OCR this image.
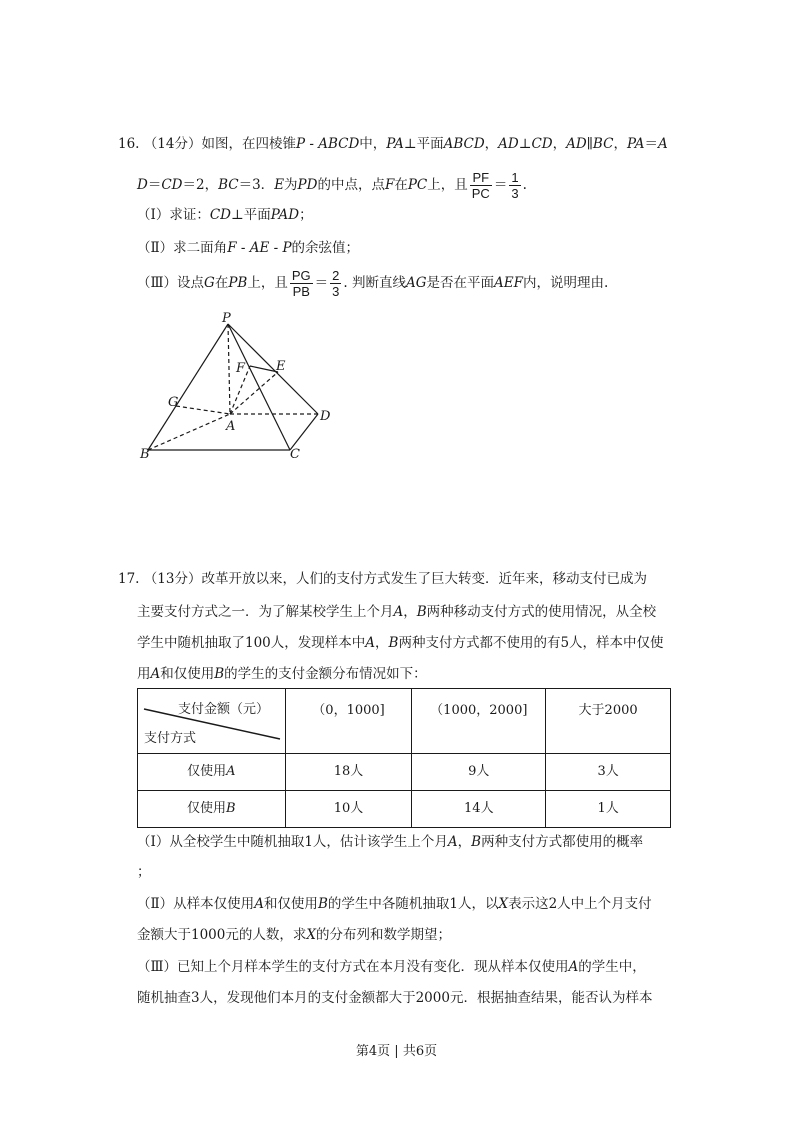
16. （14分）如图，在四棱锥P - ABCD中，PA⊥平面ABCD，AD⊥CD，AD∥BC，PA＝A
D＝CD＝2，BC＝3．E为PD的中点，点F在PC上，且 $\frac{PF}{PC} = \frac{1}{3}$ .
（Ⅰ）求证：CD⊥平面PAD；
（Ⅱ）求二面角F - AE - P的余弦值；
（Ⅲ）设点G在PB上，且 $\frac{PG}{PB} = \frac{2}{3}$ . 判断直线AG是否在平面AEF内，说明理由.
P
F E
G
A
D
B	C
17. （13分）改革开放以来，人们的支付方式发生了巨大转变．近年来，移动支付已成为
主要支付方式之一．为了解某校学生上个月A，B两种移动支付方式的使用情况，从全校
学生中随机抽取了100人，发现样本中A，B两种支付方式都不使用的有5人，样本中仅使
用A和仅使用B的学生的支付金额分布情况如下：
支付金额（元）
支付方式	（0，1000]	（1000，2000]	大于2000
仅使用A	18人	9人	3人
仅使用B	10人	14人	1人
（Ⅰ）从全校学生中随机抽取1人，估计该学生上个月A，B两种支付方式都使用的概率
；
（Ⅱ）从样本仅使用A和仅使用B的学生中各随机抽取1人，以X表示这2人中上个月支付
金额大于1000元的人数，求X的分布列和数学期望；
（Ⅲ）已知上个月样本学生的支付方式在本月没有变化．现从样本仅使用A的学生中，
随机抽查3人，发现他们本月的支付金额都大于2000元．根据抽查结果，能否认为样本
第4页 | 共6页
